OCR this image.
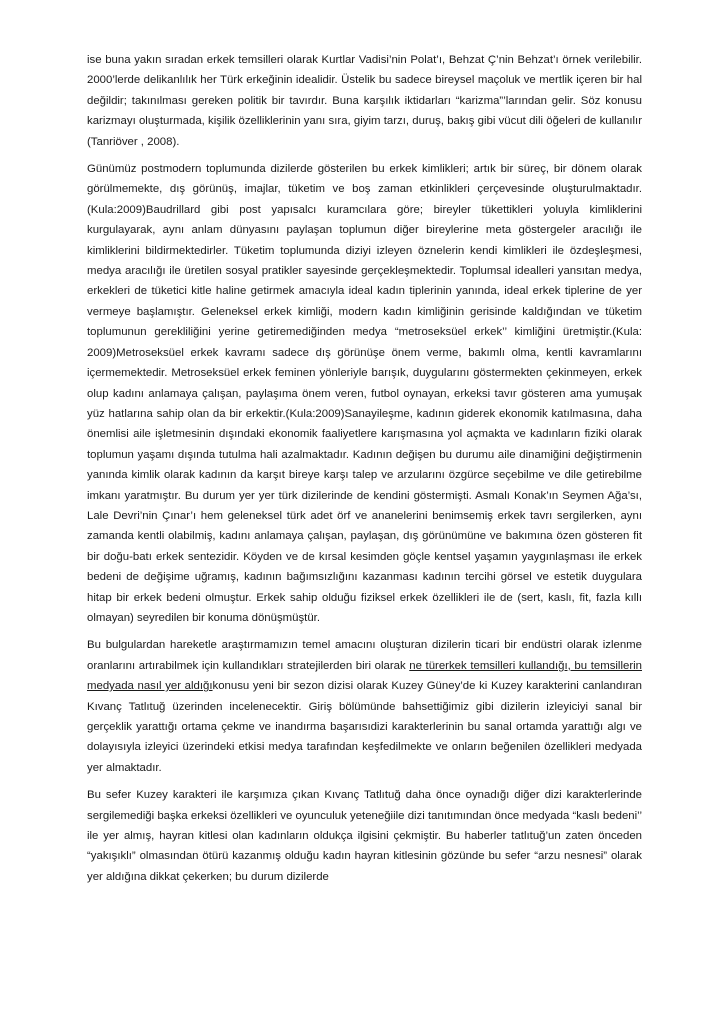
ise buna yakın sıradan erkek temsilleri olarak Kurtlar Vadisi’nin Polat’ı, Behzat Ç’nin Behzat’ı örnek verilebilir. 2000’lerde delikanlılık her Türk erkeğinin idealidir. Üstelik bu sadece bireysel maçoluk ve mertlik içeren bir hal değildir; takınılması gereken politik bir tavırdır. Buna karşılık iktidarları “karizma”’larından gelir. Söz konusu karizmayı oluşturmada, kişilik özelliklerinin yanı sıra, giyim tarzı, duruş, bakış gibi vücut dili öğeleri de kullanılır (Tanriöver , 2008).

Günümüz postmodern toplumunda dizilerde gösterilen bu erkek kimlikleri; artık bir süreç, bir dönem olarak görülmemekte, dış görünüş, imajlar, tüketim ve boş zaman etkinlikleri çerçevesinde oluşturulmaktadır.(Kula:2009)Baudrillard gibi post yapısalcı kuramcılara göre; bireyler tükettikleri yoluyla kimliklerini kurgulayarak, aynı anlam dünyasını paylaşan toplumun diğer bireylerine meta göstergeler aracılığı ile kimliklerini bildirmektedirler. Tüketim toplumunda diziyi izleyen öznelerin kendi kimlikleri ile özdeşleşmesi, medya aracılığı ile üretilen sosyal pratikler sayesinde gerçekleşmektedir. Toplumsal idealleri yansıtan medya, erkekleri de tüketici kitle haline getirmek amacıyla ideal kadın tiplerinin yanında, ideal erkek tiplerine de yer vermeye başlamıştır. Geleneksel erkek kimliği, modern kadın kimliğinin gerisinde kaldığından ve tüketim toplumunun gerekliliğini yerine getiremediğinden medya “metroseksüel erkek’’ kimliğini üretmiştir.(Kula: 2009)Metroseksüel erkek kavramı sadece dış görünüşe önem verme, bakımlı olma, kentli kavramlarını içermemektedir. Metroseksüel erkek feminen yönleriyle barışık, duygularını göstermekten çekinmeyen, erkek olup kadını anlamaya çalışan, paylaşıma önem veren, futbol oynayan, erkeksi tavır gösteren ama yumuşak yüz hatlarına sahip olan da bir erkektir.(Kula:2009)Sanayileşme, kadının giderek ekonomik katılmasına, daha önemlisi aile işletmesinin dışındaki ekonomik faaliyetlere karışmasına yol açmakta ve kadınların fiziki olarak toplumun yaşamı dışında tutulma hali azalmaktadır. Kadının değişen bu durumu aile dinamiğini değiştirmenin yanında kimlik olarak kadının da karşıt bireye karşı talep ve arzularını özgürce seçebilme ve dile getirebilme imkanı yaratmıştır. Bu durum yer yer türk dizilerinde de kendini göstermişti. Asmalı Konak’ın Seymen Ağa’sı, Lale Devri’nin Çınar’ı hem geleneksel türk adet örf ve ananelerini benimsemiş erkek tavrı sergilerken, aynı zamanda kentli olabilmiş, kadını anlamaya çalışan, paylaşan, dış görünümüne ve bakımına özen gösteren fit bir doğu-batı erkek sentezidir. Köyden ve de kırsal kesimden göçle kentsel yaşamın yaygınlaşması ile erkek bedeni de değişime uğramış, kadının bağımsızlığını kazanması kadının tercihi görsel ve estetik duygulara hitap bir erkek bedeni olmuştur. Erkek sahip olduğu fiziksel erkek özellikleri ile de (sert, kaslı, fit, fazla kıllı olmayan) seyredilen bir konuma dönüşmüştür.

Bu bulgulardan hareketle araştırmamızın temel amacını oluşturan dizilerin ticari bir endüstri olarak izlenme oranlarını artırabilmek için kullandıkları stratejilerden biri olarak ne türerkek temsilleri kullandığı, bu temsillerin medyada nasıl yer aldığıkonusu yeni bir sezon dizisi olarak Kuzey Güney’de ki Kuzey karakterini canlandıran Kıvanç Tatlıtuğ üzerinden incelenecektir. Giriş bölümünde bahsettiğimiz gibi dizilerin izleyiciyi sanal bir gerçeklik yarattığı ortama çekme ve inandırma başarısıdizi karakterlerinin bu sanal ortamda yarattığı algı ve dolayısıyla izleyici üzerindeki etkisi medya tarafından keşfedilmekte ve onların beğenilen özellikleri medyada yer almaktadır.

Bu sefer Kuzey karakteri ile karşımıza çıkan Kıvanç Tatlıtuğ daha önce oynadığı diğer dizi karakterlerinde sergilemediği başka erkeksi özellikleri ve oyunculuk yeteneğiile dizi tanıtımından önce medyada “kaslı bedeni’’ ile yer almış, hayran kitlesi olan kadınların oldukça ilgisini çekmiştir. Bu haberler tatlıtuğ’un zaten önceden “yakışıklı” olmasından ötürü kazanmış olduğu kadın hayran kitlesinin gözünde bu sefer “arzu nesnesi” olarak yer aldığına dikkat çekerken; bu durum dizilerde
